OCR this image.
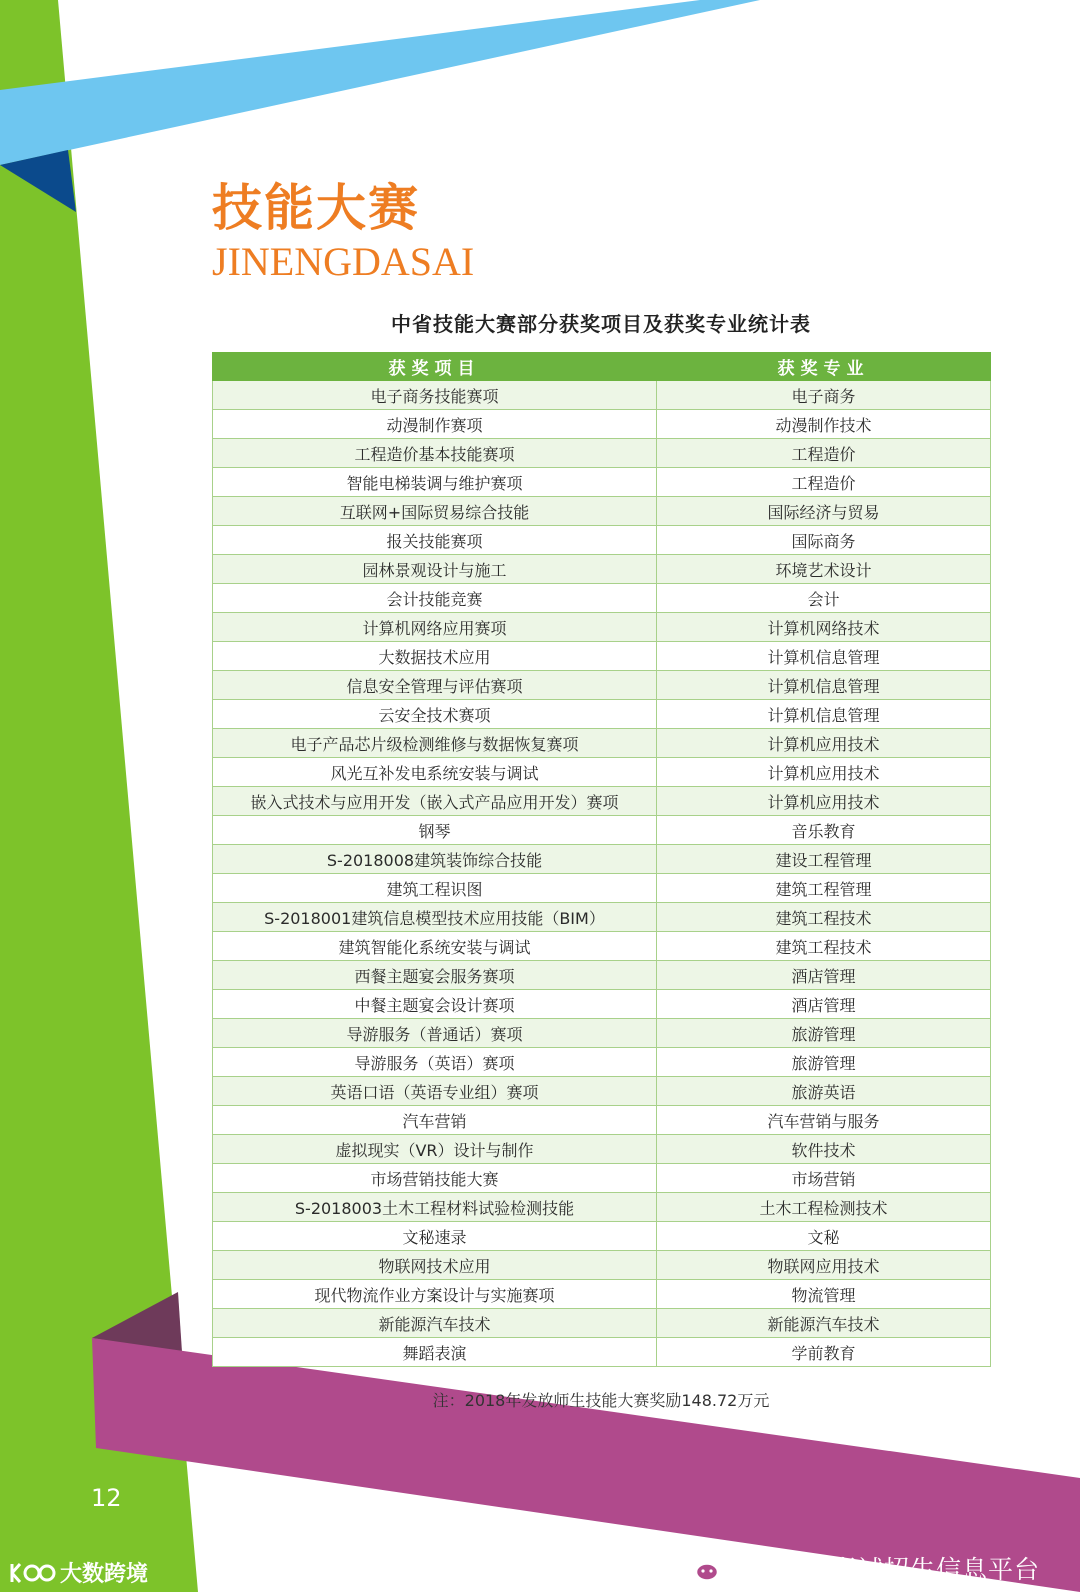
技能大赛
JINENGDASAI
中省技能大赛部分获奖项目及获奖专业统计表
获奖项目	获奖专业
电子商务技能赛项	电子商务
动漫制作赛项	动漫制作技术
工程造价基本技能赛项	工程造价
智能电梯装调与维护赛项	工程造价
互联网+国际贸易综合技能	国际经济与贸易
报关技能赛项	国际商务
园林景观设计与施工	环境艺术设计
会计技能竞赛	会计
计算机网络应用赛项	计算机网络技术
大数据技术应用	计算机信息管理
信息安全管理与评估赛项	计算机信息管理
云安全技术赛项	计算机信息管理
电子产品芯片级检测维修与数据恢复赛项	计算机应用技术
风光互补发电系统安装与调试	计算机应用技术
嵌入式技术与应用开发（嵌入式产品应用开发）赛项	计算机应用技术
钢琴	音乐教育
S-2018008建筑装饰综合技能	建设工程管理
建筑工程识图	建筑工程管理
S-2018001建筑信息模型技术应用技能（BIM）	建筑工程技术
建筑智能化系统安装与调试	建筑工程技术
西餐主题宴会服务赛项	酒店管理
中餐主题宴会设计赛项	酒店管理
导游服务（普通话）赛项	旅游管理
导游服务（英语）赛项	旅游管理
英语口语（英语专业组）赛项	旅游英语
汽车营销	汽车营销与服务
虚拟现实（VR）设计与制作	软件技术
市场营销技能大赛	市场营销
S-2018003土木工程材料试验检测技能	土木工程检测技术
文秘速录	文秘
物联网技术应用	物联网应用技术
现代物流作业方案设计与实施赛项	物流管理
新能源汽车技术	新能源汽车技术
舞蹈表演	学前教育
注：2018年发放师生技能大赛奖励148.72万元
12
大数跨境	陕西分类考试招生信息平台
